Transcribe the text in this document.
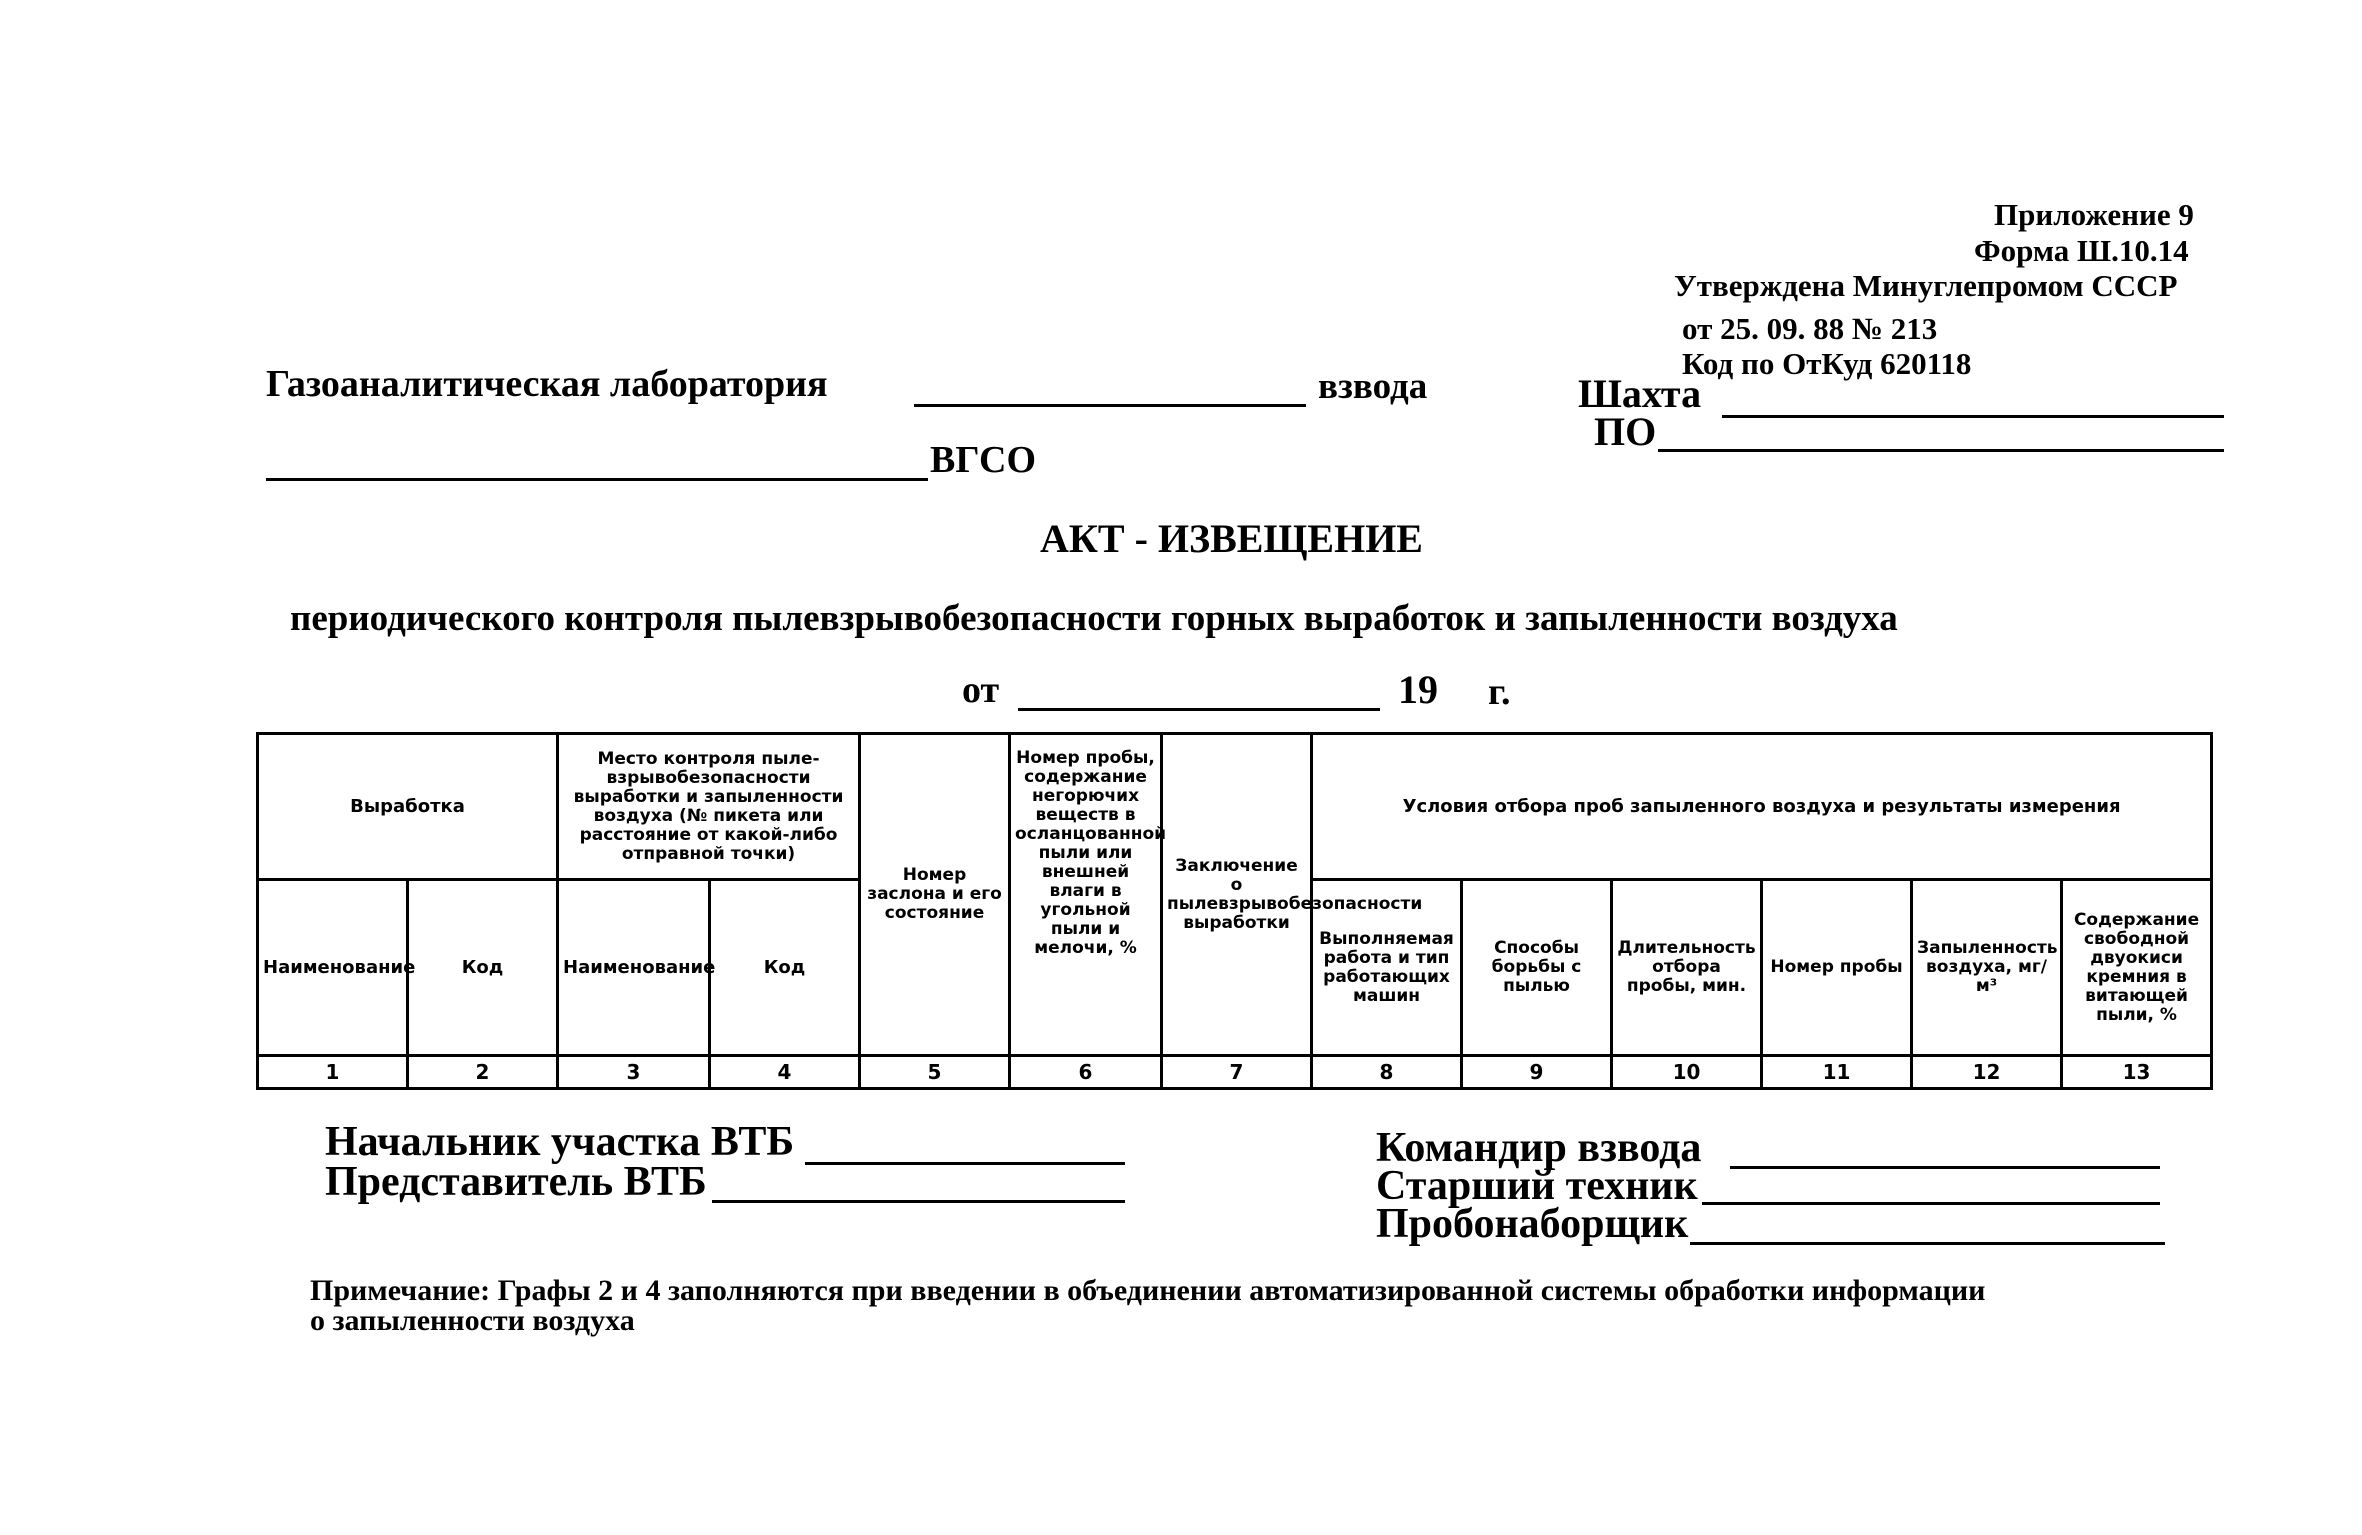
Приложение 9
Форма Ш.10.14
Утверждена Минуглепромом СССР
от 25. 09. 88 № 213
Код по ОтКуд 620118
Газоаналитическая лаборатория	взвода	Шахта
ПО
ВГСО
АКТ - ИЗВЕЩЕНИЕ
периодического контроля пылевзрывобезопасности горных выработок и запыленности воздуха
от	19 г.
Выработка		Место контроля пыле-взрывобезопасности выработки и запыленности воздуха (№ пикета или расстояние от какой-либо отправной точки)		Номер заслона и его состояние	Номер пробы, содержание негорючих веществ в осланцованной пыли или внешней влаги в угольной пыли и мелочи, %	Заключение о пылевзрывобезопасности выработки	Условия отбора проб запыленного воздуха и результаты измерения					
Наименование	Код	Наименование	Код				Выполняемая работа и тип работающих машин	Способы борьбы с пылью	Длительность отбора пробы, мин.	Номер пробы	Запыленность воздуха, мг/м³	Содержание свободной двуокиси кремния в витающей пыли, %
1	2	3	4	5	6	7	8	9	10	11	12	13
Начальник участка ВТБ
Представитель ВТБ
Командир взвода
Старший техник
Пробонаборщик
Примечание: Графы 2 и 4 заполняются при введении в объединении автоматизированной системы обработки информации
о запыленности воздуха
